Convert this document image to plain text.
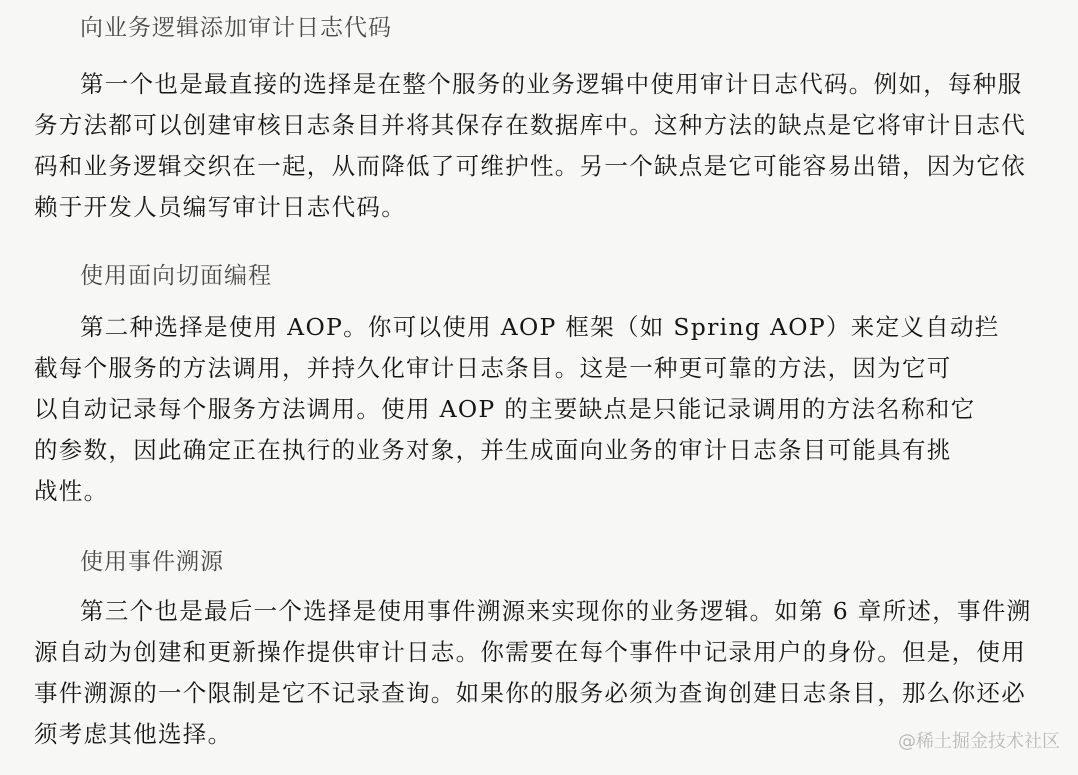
向业务逻辑添加审计日志代码
第一个也是最直接的选择是在整个服务的业务逻辑中使用审计日志代码。例如，每种服
务方法都可以创建审核日志条目并将其保存在数据库中。这种方法的缺点是它将审计日志代
码和业务逻辑交织在一起，从而降低了可维护性。另一个缺点是它可能容易出错，因为它依
赖于开发人员编写审计日志代码。
使用面向切面编程
第二种选择是使用 AOP。你可以使用 AOP 框架（如 Spring AOP）来定义自动拦
截每个服务的方法调用，并持久化审计日志条目。这是一种更可靠的方法，因为它可
以自动记录每个服务方法调用。使用 AOP 的主要缺点是只能记录调用的方法名称和它
的参数，因此确定正在执行的业务对象，并生成面向业务的审计日志条目可能具有挑
战性。
使用事件溯源
第三个也是最后一个选择是使用事件溯源来实现你的业务逻辑。如第 6 章所述，事件溯
源自动为创建和更新操作提供审计日志。你需要在每个事件中记录用户的身份。但是，使用
事件溯源的一个限制是它不记录查询。如果你的服务必须为查询创建日志条目，那么你还必
须考虑其他选择。	@稀土掘金技术社区
